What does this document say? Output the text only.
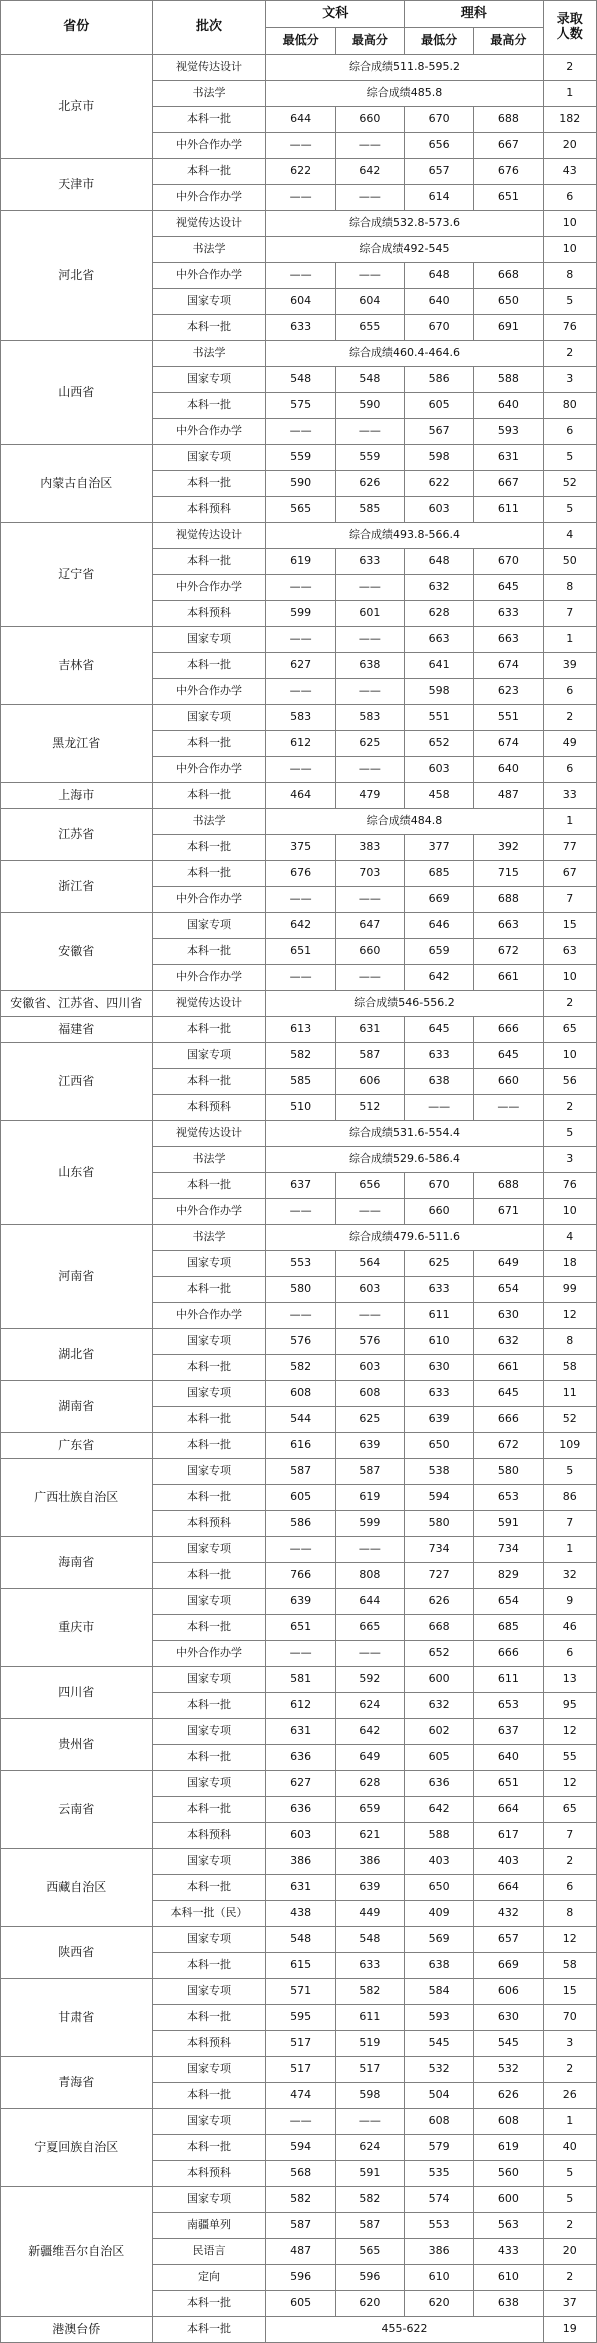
省份	批次	文科		理科		录取
人数
		最低分	最高分	最低分	最高分	
北京市	视觉传达设计	综合成绩511.8-595.2				2
	书法学	综合成绩485.8				1
	本科一批	644	660	670	688	182
	中外合作办学	——	——	656	667	20
天津市	本科一批	622	642	657	676	43
	中外合作办学	——	——	614	651	6
河北省	视觉传达设计	综合成绩532.8-573.6				10
	书法学	综合成绩492-545				10
	中外合作办学	——	——	648	668	8
	国家专项	604	604	640	650	5
	本科一批	633	655	670	691	76
山西省	书法学	综合成绩460.4-464.6				2
	国家专项	548	548	586	588	3
	本科一批	575	590	605	640	80
	中外合作办学	——	——	567	593	6
内蒙古自治区	国家专项	559	559	598	631	5
	本科一批	590	626	622	667	52
	本科预科	565	585	603	611	5
辽宁省	视觉传达设计	综合成绩493.8-566.4				4
	本科一批	619	633	648	670	50
	中外合作办学	——	——	632	645	8
	本科预科	599	601	628	633	7
吉林省	国家专项	——	——	663	663	1
	本科一批	627	638	641	674	39
	中外合作办学	——	——	598	623	6
黑龙江省	国家专项	583	583	551	551	2
	本科一批	612	625	652	674	49
	中外合作办学	——	——	603	640	6
上海市	本科一批	464	479	458	487	33
江苏省	书法学	综合成绩484.8				1
	本科一批	375	383	377	392	77
浙江省	本科一批	676	703	685	715	67
	中外合作办学	——	——	669	688	7
安徽省	国家专项	642	647	646	663	15
	本科一批	651	660	659	672	63
	中外合作办学	——	——	642	661	10
安徽省、江苏省、四川省	视觉传达设计	综合成绩546-556.2				2
福建省	本科一批	613	631	645	666	65
江西省	国家专项	582	587	633	645	10
	本科一批	585	606	638	660	56
	本科预科	510	512	——	——	2
山东省	视觉传达设计	综合成绩531.6-554.4				5
	书法学	综合成绩529.6-586.4				3
	本科一批	637	656	670	688	76
	中外合作办学	——	——	660	671	10
河南省	书法学	综合成绩479.6-511.6				4
	国家专项	553	564	625	649	18
	本科一批	580	603	633	654	99
	中外合作办学	——	——	611	630	12
湖北省	国家专项	576	576	610	632	8
	本科一批	582	603	630	661	58
湖南省	国家专项	608	608	633	645	11
	本科一批	544	625	639	666	52
广东省	本科一批	616	639	650	672	109
广西壮族自治区	国家专项	587	587	538	580	5
	本科一批	605	619	594	653	86
	本科预科	586	599	580	591	7
海南省	国家专项	——	——	734	734	1
	本科一批	766	808	727	829	32
重庆市	国家专项	639	644	626	654	9
	本科一批	651	665	668	685	46
	中外合作办学	——	——	652	666	6
四川省	国家专项	581	592	600	611	13
	本科一批	612	624	632	653	95
贵州省	国家专项	631	642	602	637	12
	本科一批	636	649	605	640	55
云南省	国家专项	627	628	636	651	12
	本科一批	636	659	642	664	65
	本科预科	603	621	588	617	7
西藏自治区	国家专项	386	386	403	403	2
	本科一批	631	639	650	664	6
	本科一批（民）	438	449	409	432	8
陕西省	国家专项	548	548	569	657	12
	本科一批	615	633	638	669	58
甘肃省	国家专项	571	582	584	606	15
	本科一批	595	611	593	630	70
	本科预科	517	519	545	545	3
青海省	国家专项	517	517	532	532	2
	本科一批	474	598	504	626	26
宁夏回族自治区	国家专项	——	——	608	608	1
	本科一批	594	624	579	619	40
	本科预科	568	591	535	560	5
新疆维吾尔自治区	国家专项	582	582	574	600	5
	南疆单列	587	587	553	563	2
	民语言	487	565	386	433	20
	定向	596	596	610	610	2
	本科一批	605	620	620	638	37
港澳台侨	本科一批	455-622				19
